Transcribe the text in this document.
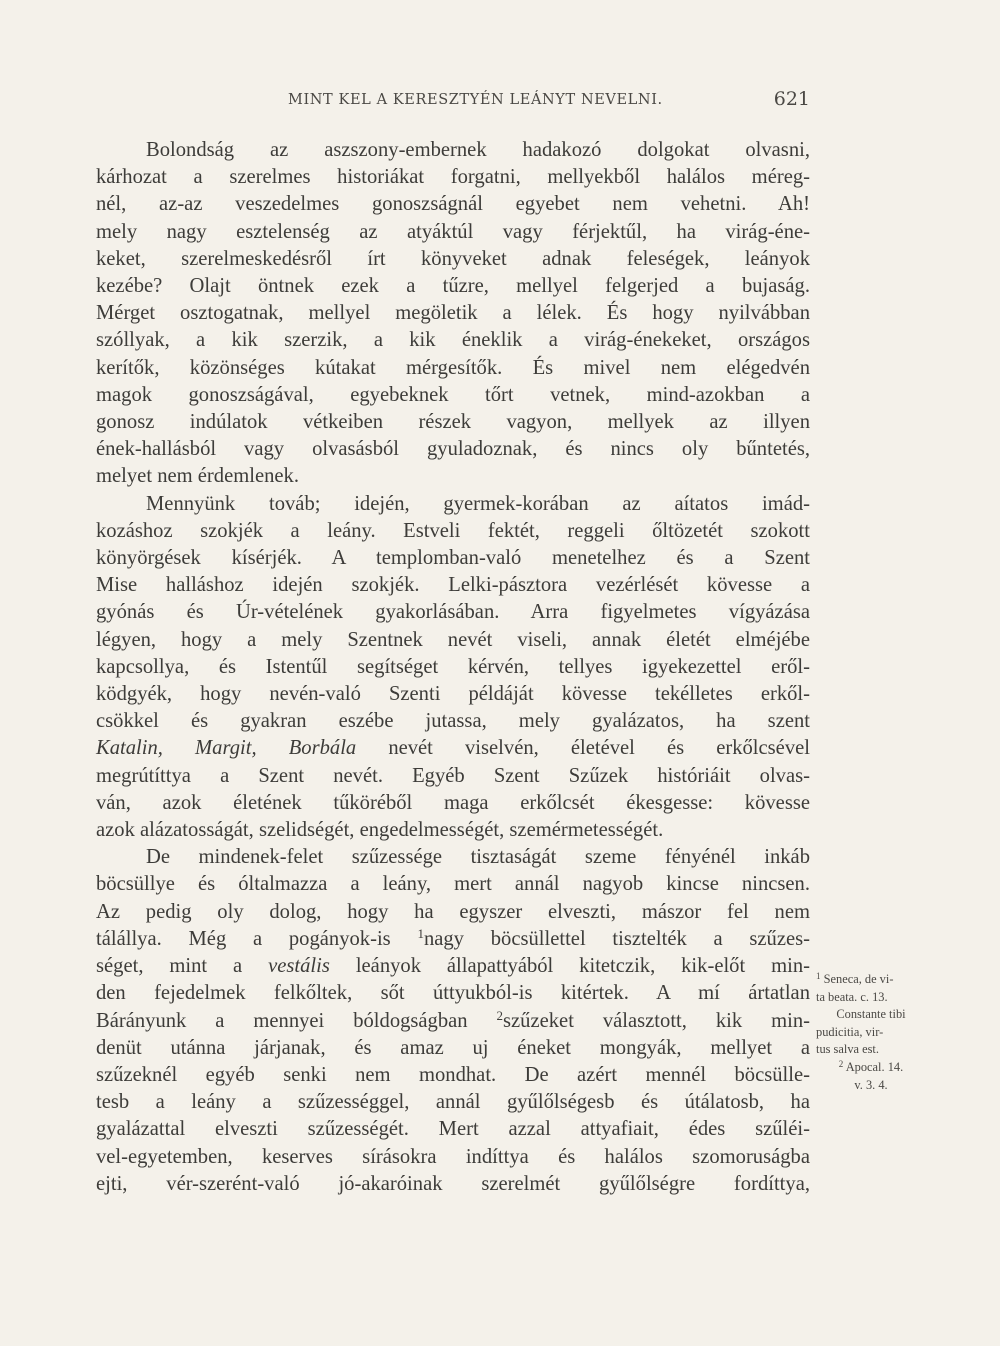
MINT KEL A KERESZTYÉN LEÁNYT NEVELNI.	621
Bolondság az aszszony-embernek hadakozó dolgokat olvasni,
kárhozat a szerelmes historiákat forgatni, mellyekből halálos méreg-
nél, az-az veszedelmes gonoszságnál egyebet nem vehetni. Ah!
mely nagy esztelenség az atyáktúl vagy férjektűl, ha virág-éne-
keket, szerelmeskedésről írt könyveket adnak feleségek, leányok
kezébe? Olajt öntnek ezek a tűzre, mellyel felgerjed a bujaság.
Mérget osztogatnak, mellyel megöletik a lélek. És hogy nyilvábban
szóllyak, a kik szerzik, a kik éneklik a virág-énekeket, országos
kerítők, közönséges kútakat mérgesítők. És mivel nem elégedvén
magok gonoszságával, egyebeknek tőrt vetnek, mind-azokban a
gonosz indúlatok vétkeiben részek vagyon, mellyek az illyen
ének-hallásból vagy olvasásból gyuladoznak, és nincs oly bűntetés,
melyet nem érdemlenek.
Mennyünk továb; idején, gyermek-korában az aítatos imád-
kozáshoz szokjék a leány. Estveli fektét, reggeli őltözetét szokott
könyörgések kísérjék. A templomban-való menetelhez és a Szent
Mise halláshoz idején szokjék. Lelki-pásztora vezérlését kövesse a
gyónás és Úr-vételének gyakorlásában. Arra figyelmetes vígyázása
légyen, hogy a mely Szentnek nevét viseli, annak életét elméjébe
kapcsollya, és Istentűl segítséget kérvén, tellyes igyekezettel eről-
ködgyék, hogy nevén-való Szenti példáját kövesse tekélletes erkől-
csökkel és gyakran eszébe jutassa, mely gyalázatos, ha szent
Katalin, Margit, Borbála nevét viselvén, életével és erkőlcsével
megrútíttya a Szent nevét. Egyéb Szent Szűzek históriáit olvas-
ván, azok életének tűköréből maga erkőlcsét ékesgesse: kövesse
azok alázatosságát, szelidségét, engedelmességét, szemérmetességét.
De mindenek-felet szűzessége tisztaságát szeme fényénél inkáb
böcsüllye és óltalmazza a leány, mert annál nagyob kincse nincsen.
Az pedig oly dolog, hogy ha egyszer elveszti, mászor fel nem
tálállya. Még a pogányok-is $^1$nagy böcsüllettel tisztelték a szűzes-
séget, mint a vestális leányok állapattyából kitetczik, kik-előt min-
den fejedelmek felkőltek, sőt úttyukból-is kitértek. A mí ártatlan
Bárányunk a mennyei bóldogságban $^2$szűzeket választott, kik min-
denüt utánna járjanak, és amaz uj éneket mongyák, mellyet a
szűzeknél egyéb senki nem mondhat. De azért mennél böcsülle-
tesb a leány a szűzességgel, annál gyűlőlségesb és útálatosb, ha
gyalázattal elveszti szűzességét. Mert azzal attyafiait, édes szűléi-
vel-egyetemben, keserves sírásokra indíttya és halálos szomoruságba
ejti, vér-szerént-való jó-akaróinak szerelmét gyűlőlségre fordíttya,
$^1$ Seneca, de vi-
ta beata. c. 13.
Constante tibi
pudicitia, vir-
tus salva est.
$^2$ Apocal. 14.
v. 3. 4.
